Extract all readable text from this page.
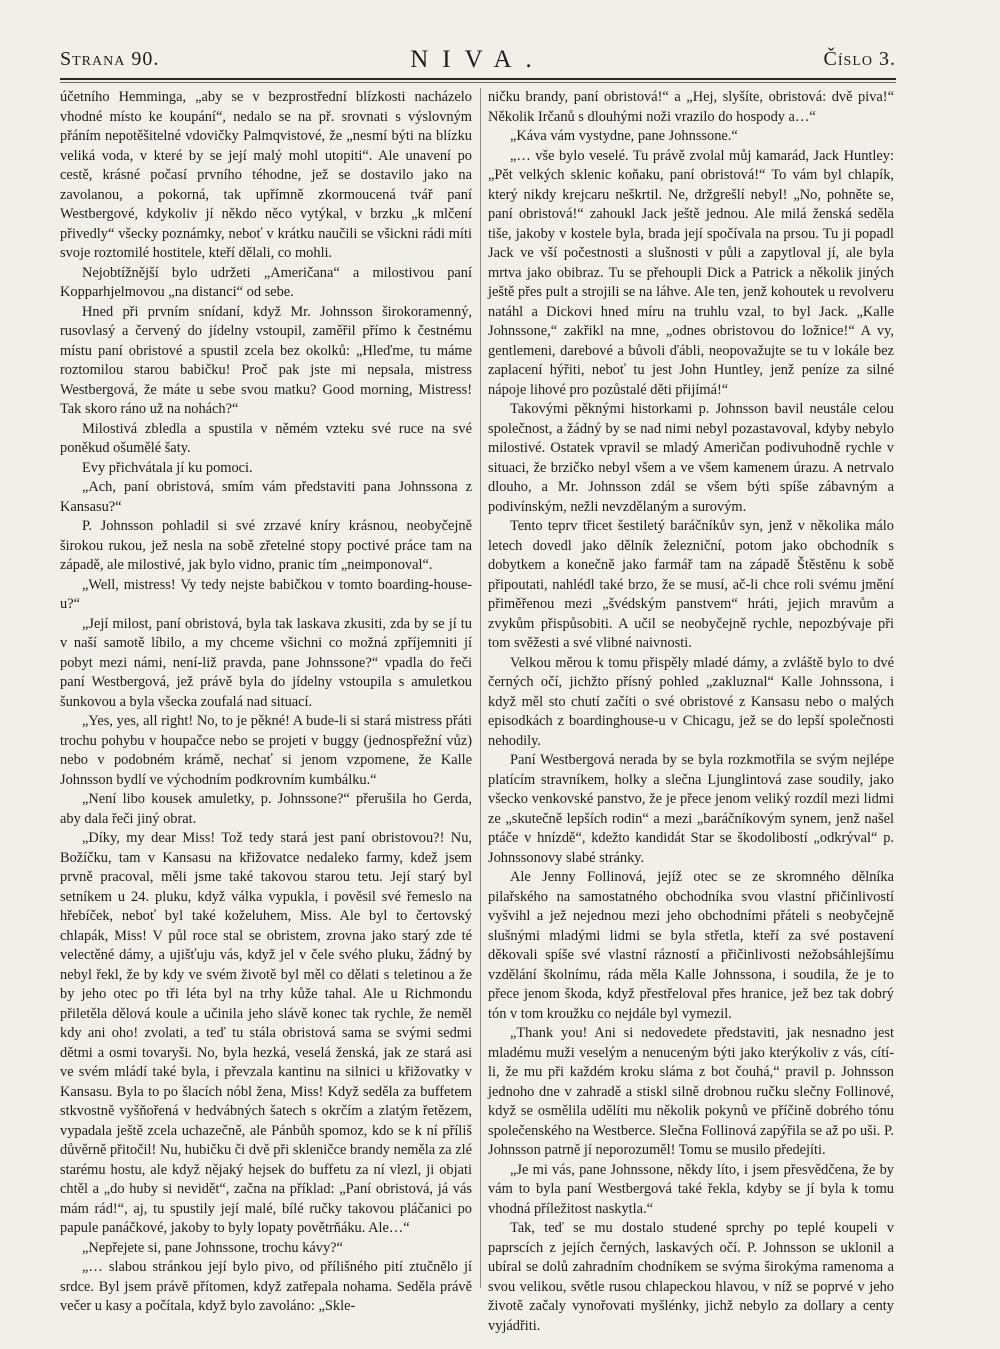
Strana 90.	NIVA.	Číslo 3.

účetního Hemminga, „aby se v bezprostřední blízkosti nacházelo vhodné místo ke koupání“, nedalo se na př. srovnati s výslovným přáním nepotěšitelné vdovičky Palmqvistové, že „nesmí býti na blízku veliká voda, v které by se její malý mohl utopiti“. Ale unavení po cestě, krásné počasí prvního téhodne, jež se dostavilo jako na zavolanou, a pokorná, tak upřímně zkormoucená tvář paní Westbergové, kdykoliv jí někdo něco vytýkal, v brzku „k mlčení přivedly“ všecky poznámky, neboť v krátku naučili se všickni rádi míti svoje roztomilé hostitele, kteří dělali, co mohli.

Nejobtížnější bylo udržeti „Američana“ a milostivou paní Kopparhjelmovou „na distanci“ od sebe.

Hned při prvním snídaní, když Mr. Johnsson širokoramenný, rusovlasý a červený do jídelny vstoupil, zaměřil přímo k čestnému místu paní obristové a spustil zcela bez okolků: „Hleďme, tu máme roztomilou starou babičku! Proč pak jste mi nepsala, mistress Westbergová, že máte u sebe svou matku? Good morning, Mistress! Tak skoro ráno už na nohách?“

Milostivá zbledla a spustila v němém vzteku své ruce na své poněkud ošumělé šaty.

Evy přichvátala jí ku pomoci.

„Ach, paní obristová, smím vám představiti pana Johnssona z Kansasu?“

P. Johnsson pohladil si své zrzavé kníry krásnou, neobyčejně širokou rukou, jež nesla na sobě zřetelné stopy poctivé práce tam na západě, ale milostivé, jak bylo vidno, pranic tím „neimponoval“.

„Well, mistress! Vy tedy nejste babičkou v tomto boarding-house-u?“

„Její milost, paní obristová, byla tak laskava zkusiti, zda by se jí tu v naší samotě líbilo, a my chceme všichni co možná zpříjemniti jí pobyt mezi námi, není-liž pravda, pane Johnssone?“ vpadla do řeči paní Westbergová, jež právě byla do jídelny vstoupila s amuletkou šunkovou a byla všecka zoufalá nad situací.

„Yes, yes, all right! No, to je pěkné! A bude-li si stará mistress přáti trochu pohybu v houpačce nebo se projeti v buggy (jednospřežní vůz) nebo v podobném krámě, nechať si jenom vzpomene, že Kalle Johnsson bydlí ve východním podkrovním kumbálku.“

„Není libo kousek amuletky, p. Johnssone?“ přerušila ho Gerda, aby dala řeči jiný obrat.

„Díky, my dear Miss! Tož tedy stará jest paní obristovou?! Nu, Božíčku, tam v Kansasu na křižovatce nedaleko farmy, kdež jsem prvně pracoval, měli jsme také takovou starou tetu. Její starý byl setníkem u 24. pluku, když válka vypukla, i pověsil své řemeslo na hřebíček, neboť byl také koželuhem, Miss. Ale byl to čertovský chlapák, Miss! V půl roce stal se obristem, zrovna jako starý zde té velectěné dámy, a ujišťuju vás, když jel v čele svého pluku, žádný by nebyl řekl, že by kdy ve svém životě byl měl co dělati s teletinou a že by jeho otec po tři léta byl na trhy kůže tahal. Ale u Richmondu přiletěla dělová koule a učinila jeho slávě konec tak rychle, že neměl kdy ani oho! zvolati, a teď tu stála obristová sama se svými sedmi dětmi a osmi tovaryši. No, byla hezká, veselá ženská, jak ze stará asi ve svém mládí také byla, i převzala kantinu na silnici u křižovatky v Kansasu. Byla to po šlacích nóbl žena, Miss! Když seděla za buffetem stkvostně vyšňořená v hedvábných šatech s okrčím a zlatým řetězem, vypadala ještě zcela uchazečně, ale Pánbůh spomoz, kdo se k ní příliš důvěrně přitočil! Nu, hubičku či dvě při skleničce brandy neměla za zlé starému hostu, ale když nějaký hejsek do buffetu za ní vlezl, ji objati chtěl a „do huby si nevidět“, začna na příklad: „Paní obristová, já vás mám rád!“, aj, tu spustily její malé, bílé ručky takovou pláčanici po papule panáčkové, jakoby to byly lopaty povětrňáku. Ale…“

„Nepřejete si, pane Johnssone, trochu kávy?“

„… slabou stránkou její bylo pivo, od přílišného pití ztučnělo jí srdce. Byl jsem právě přítomen, když zatřepala nohama. Seděla právě večer u kasy a počítala, když bylo zavoláno: „Skle-

ničku brandy, paní obristová!“ a „Hej, slyšíte, obristová: dvě piva!“ Několik Irčanů s dlouhými noži vrazilo do hospody a…“

„Káva vám vystydne, pane Johnssone.“

„… vše bylo veselé. Tu právě zvolal můj kamarád, Jack Huntley: „Pět velkých sklenic koňaku, paní obristová!“ To vám byl chlapík, který nikdy krejcaru neškrtil. Ne, držgrešlí nebyl! „No, pohněte se, paní obristová!“ zahoukl Jack ještě jednou. Ale milá ženská seděla tiše, jakoby v kostele byla, brada její spočívala na prsou. Tu ji popadl Jack ve vší počestnosti a slušnosti v půli a zapytloval jí, ale byla mrtva jako obibraz. Tu se přehoupli Dick a Patrick a několik jiných ještě přes pult a strojili se na láhve. Ale ten, jenž kohoutek u revolveru natáhl a Dickovi hned míru na truhlu vzal, to byl Jack. „Kalle Johnssone,“ zakřikl na mne, „odnes obristovou do ložnice!“ A vy, gentlemeni, darebové a bůvoli ďábli, neopovažujte se tu v lokále bez zaplacení hýřiti, neboť tu jest John Huntley, jenž peníze za silné nápoje lihové pro pozůstalé děti přijímá!“

Takovými pěknými historkami p. Johnsson bavil neustále celou společnost, a žádný by se nad nimi nebyl pozastavoval, kdyby nebylo milostivé. Ostatek vpravil se mladý Američan podivuhodně rychle v situaci, že brzičko nebyl všem a ve všem kamenem úrazu. A netrvalo dlouho, a Mr. Johnsson zdál se všem býti spíše zábavným a podivínským, nežli nevzdělaným a surovým.

Tento teprv třicet šestiletý baráčníkův syn, jenž v několika málo letech dovedl jako dělník železniční, potom jako obchodník s dobytkem a konečně jako farmář tam na západě Štěstěnu k sobě připoutati, nahlédl také brzo, že se musí, ač-li chce roli svému jmění přiměřenou mezi „švédským panstvem“ hráti, jejich mravům a zvykům přispůsobiti. A učil se neobyčejně rychle, nepozbývaje při tom svěžesti a své vlibné naivnosti.

Velkou měrou k tomu přispěly mladé dámy, a zvláště bylo to dvé černých očí, jichžto přísný pohled „zakluznal“ Kalle Johnssona, i když měl sto chutí začíti o své obristové z Kansasu nebo o malých episodkách z boardinghouse-u v Chicagu, jež se do lepší společnosti nehodily.

Paní Westbergová nerada by se byla rozkmotřila se svým nejlépe platícím stravníkem, holky a slečna Ljunglintová zase soudily, jako všecko venkovské panstvo, že je přece jenom veliký rozdíl mezi lidmi ze „skutečně lepších rodin“ a mezi „baráčníkovým synem, jenž našel ptáče v hnízdě“, kdežto kandidát Star se škodolibostí „odkrýval“ p. Johnssonovy slabé stránky.

Ale Jenny Follinová, jejíž otec se ze skromného dělníka pilařského na samostatného obchodníka svou vlastní přičinlivostí vyšvihl a jež nejednou mezi jeho obchodními přáteli s neobyčejně slušnými mladými lidmi se byla střetla, kteří za své postavení děkovali spíše své vlastní rázností a přičinlivosti nežobsáhlejšímu vzdělání školnímu, ráda měla Kalle Johnssona, i soudila, že je to přece jenom škoda, když přestřeloval přes hranice, jež bez tak dobrý tón v tom kroužku co nejdále byl vymezil.

„Thank you! Ani si nedovedete představiti, jak nesnadno jest mladému muži veselým a nenuceným býti jako kterýkoliv z vás, cítí-li, že mu při každém kroku sláma z bot čouhá,“ pravil p. Johnsson jednoho dne v zahradě a stiskl silně drobnou ručku slečny Follinové, když se osmělila udělíti mu několik pokynů ve příčině dobrého tónu společenského na Westberce. Slečna Follinová zapýřila se až po uši. P. Johnsson patrně jí neporozuměl! Tomu se musilo předejíti.

„Je mi vás, pane Johnssone, někdy líto, i jsem přesvědčena, že by vám to byla paní Westbergová také řekla, kdyby se jí byla k tomu vhodná příležitost naskytla.“

Tak, teď se mu dostalo studené sprchy po teplé koupeli v paprscích z jejích černých, laskavých očí. P. Johnsson se uklonil a ubíral se dolů zahradním chodníkem se svýma širokýma ramenoma a svou velikou, světle rusou chlapeckou hlavou, v níž se poprvé v jeho životě začaly vynořovati myšlénky, jichž nebylo za dollary a centy vyjádřiti.
